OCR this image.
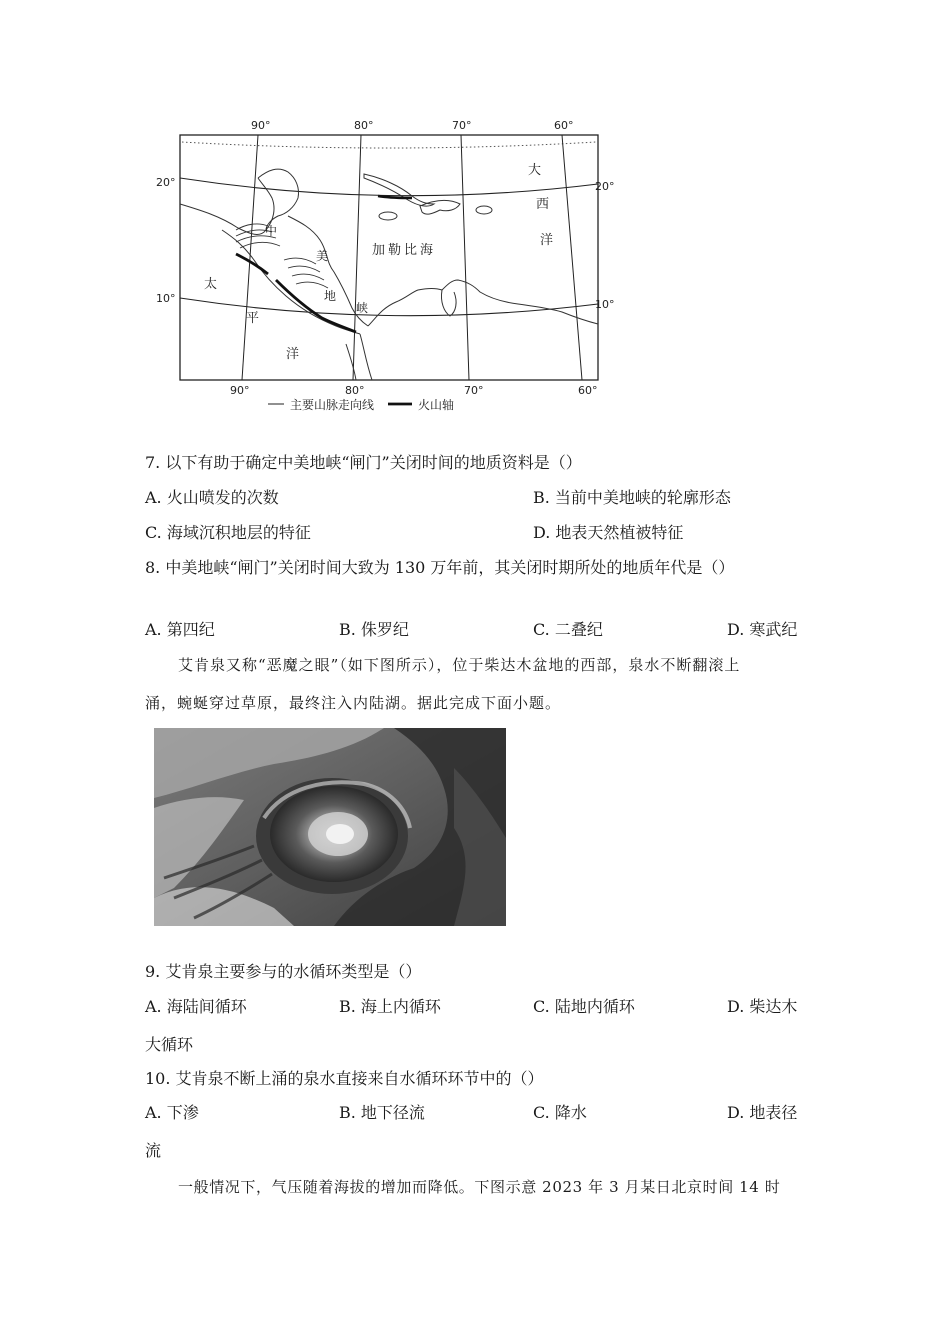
90°	80°	70°	60°
90°	80°	70°	60°
20°
10°
20°
10°
大
西
洋
加勒比海
中
美
地
峡
太
平
洋
主要山脉走向线	火山轴
7. 以下有助于确定中美地峡“闸门”关闭时间的地质资料是（）
A. 火山喷发的次数	B. 当前中美地峡的轮廓形态
C. 海域沉积地层的特征	D. 地表天然植被特征
8. 中美地峡“闸门”关闭时间大致为 130 万年前，其关闭时期所处的地质年代是（）
A. 第四纪	B. 侏罗纪	C. 二叠纪	D. 寒武纪
艾肯泉又称“恶魔之眼”（如下图所示），位于柴达木盆地的西部，泉水不断翻滚上
涌，蜿蜒穿过草原，最终注入内陆湖。据此完成下面小题。
9. 艾肯泉主要参与的水循环类型是（）
A. 海陆间循环	B. 海上内循环	C. 陆地内循环	D. 柴达木
大循环
10. 艾肯泉不断上涌的泉水直接来自水循环环节中的（）
A. 下渗	B. 地下径流	C. 降水	D. 地表径
流
一般情况下，气压随着海拔的增加而降低。下图示意 2023 年 3 月某日北京时间 14 时
